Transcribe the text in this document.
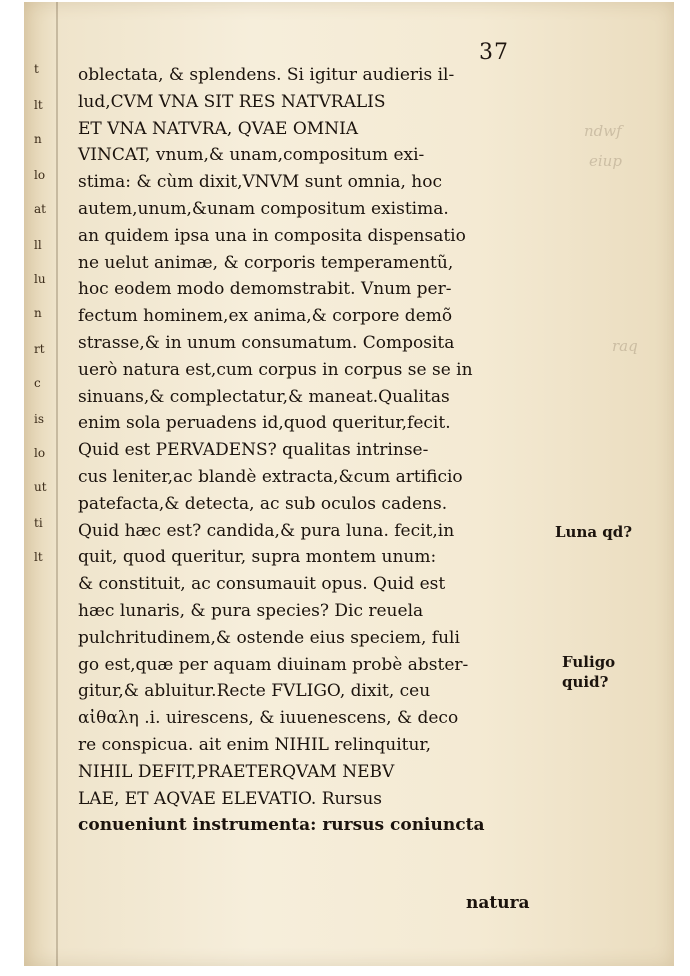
t
lt
n
lo
at
ll
lu
n
rt
c
is
lo
ut
ti
lt
ndwf
eiup
raq
37
oblectata, & splendens. Si igitur audieris il-
lud,CVM VNA SIT RES NATVRALIS
ET VNA NATVRA, QVAE OMNIA
VINCAT, vnum,& unam,compositum exi-
stima: & cùm dixit,VNVM sunt omnia, hoc
autem,unum,&unam compositum existima.
an quidem ipsa una in composita dispensatio
ne uelut animæ, & corporis temperamentũ,
hoc eodem modo demomstrabit. Vnum per-
fectum hominem,ex anima,& corpore demõ
strasse,& in unum consumatum. Composita
uerò natura est,cum corpus in corpus se se in
sinuans,& complectatur,& maneat.Qualitas
enim sola peruadens id,quod queritur,fecit.
Quid est PERVADENS? qualitas intrinse-
cus leniter,ac blandè extracta,&cum artificio
patefacta,& detecta, ac sub oculos cadens.
Quid hæc est? candida,& pura luna. fecit,in
quit, quod queritur, supra montem unum:
& constituit, ac consumauit opus. Quid est
hæc lunaris, & pura species? Dic reuela
pulchritudinem,& ostende eius speciem, fuli
go est,quæ per aquam diuinam probè abster-
gitur,& abluitur.Recte FVLIGO, dixit, ceu
αἰθαλη .i. uirescens, & iuuenescens, & deco
re conspicua. ait enim NIHIL relinquitur,
NIHIL DEFIT,PRAETERQVAM NEBV
LAE, ET AQVAE ELEVATIO. Rursus
conueniunt instrumenta: rursus coniuncta
natura
Luna qd?
Fuligo
quid?
